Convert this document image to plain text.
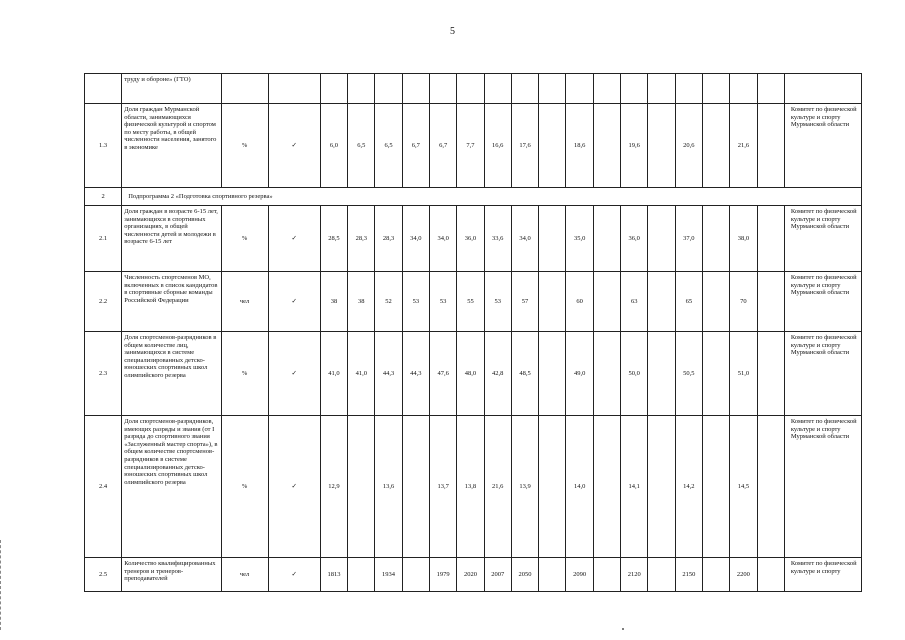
5
	труду и обороне» (ГТО)																				
1.3	Доля граждан Мурманской области, занимающихся физической культурой и спортом по месту работы, в общей численности населения, занятого в экономике	%	✓	6,0	6,5	6,5	6,7	6,7	7,7	16,6	17,6		18,6		19,6		20,6		21,6		Комитет по физической культуре и спорту Мурманской области
2	Подпрограмма 2 «Подготовка спортивного резерва»																				
2.1	Доля граждан в возрасте 6-15 лет, занимающихся в спортивных организациях, в общей численности детей и молодежи в возрасте 6-15 лет	%	✓	28,5	28,3	28,3	34,0	34,0	36,0	33,6	34,0		35,0		36,0		37,0		38,0		Комитет по физической культуре и спорту Мурманской области
2.2	Численность спортсменов МО, включенных в список кандидатов в спортивные сборные команды Российской Федерации	чел	✓	38	38	52	53	53	55	53	57		60		63		65		70		Комитет по физической культуре и спорту Мурманской области
2.3	Доля спортсменов-разрядников в общем количестве лиц, занимающихся в системе специализированных детско-юношеских спортивных школ олимпийского резерва	%	✓	41,0	41,0	44,3	44,3	47,6	48,0	42,8	48,5		49,0		50,0		50,5		51,0		Комитет по физической культуре и спорту Мурманской области
2.4	Доля спортсменов-разрядников, имеющих разряды и звания (от I разряда до спортивного звания «Заслуженный мастер спорта»), в общем количестве спортсменов-разрядников в системе специализированных детско-юношеских спортивных школ олимпийского резерва	%	✓	12,9		13,6		13,7	13,8	21,6	13,9		14,0		14,1		14,2		14,5		Комитет по физической культуре и спорту Мурманской области
2.5	Количество квалифицированных тренеров и тренеров-преподавателей	чел	✓	1813		1934		1979	2020	2007	2050		2090		2120		2150		2200		Комитет по физической культуре и спорту
